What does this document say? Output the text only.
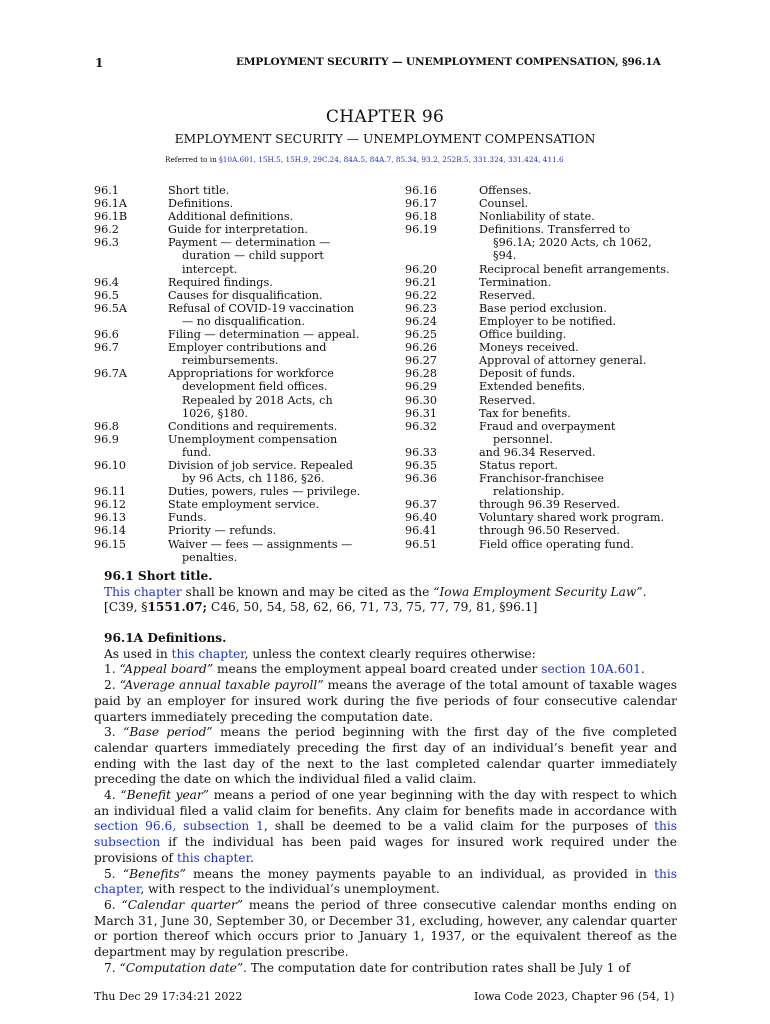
1	EMPLOYMENT SECURITY — UNEMPLOYMENT COMPENSATION, §96.1A
CHAPTER 96
EMPLOYMENT SECURITY — UNEMPLOYMENT COMPENSATION
Referred to in §10A.601, 15H.5, 15H.9, 29C.24, 84A.5, 84A.7, 85.34, 93.2, 252B.5, 331.324, 331.424, 411.6
96.1	Short title.
96.1A	Definitions.
96.1B	Additional definitions.
96.2	Guide for interpretation.
96.3	Payment — determination —
duration — child support
intercept.
96.4	Required findings.
96.5	Causes for disqualification.
96.5A	Refusal of COVID-19 vaccination
— no disqualification.
96.6	Filing — determination — appeal.
96.7	Employer contributions and
reimbursements.
96.7A	Appropriations for workforce
development field offices.
Repealed by 2018 Acts, ch
1026, §180.
96.8	Conditions and requirements.
96.9	Unemployment compensation
fund.
96.10	Division of job service. Repealed
by 96 Acts, ch 1186, §26.
96.11	Duties, powers, rules — privilege.
96.12	State employment service.
96.13	Funds.
96.14	Priority — refunds.
96.15	Waiver — fees — assignments —
penalties.
96.16	Offenses.
96.17	Counsel.
96.18	Nonliability of state.
96.19	Definitions. Transferred to
§96.1A; 2020 Acts, ch 1062,
§94.
96.20	Reciprocal benefit arrangements.
96.21	Termination.
96.22	Reserved.
96.23	Base period exclusion.
96.24	Employer to be notified.
96.25	Office building.
96.26	Moneys received.
96.27	Approval of attorney general.
96.28	Deposit of funds.
96.29	Extended benefits.
96.30	Reserved.
96.31	Tax for benefits.
96.32	Fraud and overpayment
personnel.
96.33	and 96.34 Reserved.
96.35	Status report.
96.36	Franchisor-franchisee
relationship.
96.37	through 96.39 Reserved.
96.40	Voluntary shared work program.
96.41	through 96.50 Reserved.
96.51	Field office operating fund.

96.1 Short title.

This chapter shall be known and may be cited as the “Iowa Employment Security Law”.

[C39, §1551.07; C46, 50, 54, 58, 62, 66, 71, 73, 75, 77, 79, 81, §96.1]

96.1A Definitions.

As used in this chapter, unless the context clearly requires otherwise:

1. “Appeal board” means the employment appeal board created under section 10A.601.

2. “Average annual taxable payroll” means the average of the total amount of taxable wages paid by an employer for insured work during the five periods of four consecutive calendar quarters immediately preceding the computation date.

3. “Base period” means the period beginning with the first day of the five completed calendar quarters immediately preceding the first day of an individual’s benefit year and ending with the last day of the next to the last completed calendar quarter immediately preceding the date on which the individual filed a valid claim.

4. “Benefit year” means a period of one year beginning with the day with respect to which an individual filed a valid claim for benefits. Any claim for benefits made in accordance with section 96.6, subsection 1, shall be deemed to be a valid claim for the purposes of this subsection if the individual has been paid wages for insured work required under the provisions of this chapter.

5. “Benefits” means the money payments payable to an individual, as provided in this chapter, with respect to the individual’s unemployment.

6. “Calendar quarter” means the period of three consecutive calendar months ending on March 31, June 30, September 30, or December 31, excluding, however, any calendar quarter or portion thereof which occurs prior to January 1, 1937, or the equivalent thereof as the department may by regulation prescribe.

7. “Computation date”. The computation date for contribution rates shall be July 1 of

Thu Dec 29 17:34:21 2022	Iowa Code 2023, Chapter 96 (54, 1)
